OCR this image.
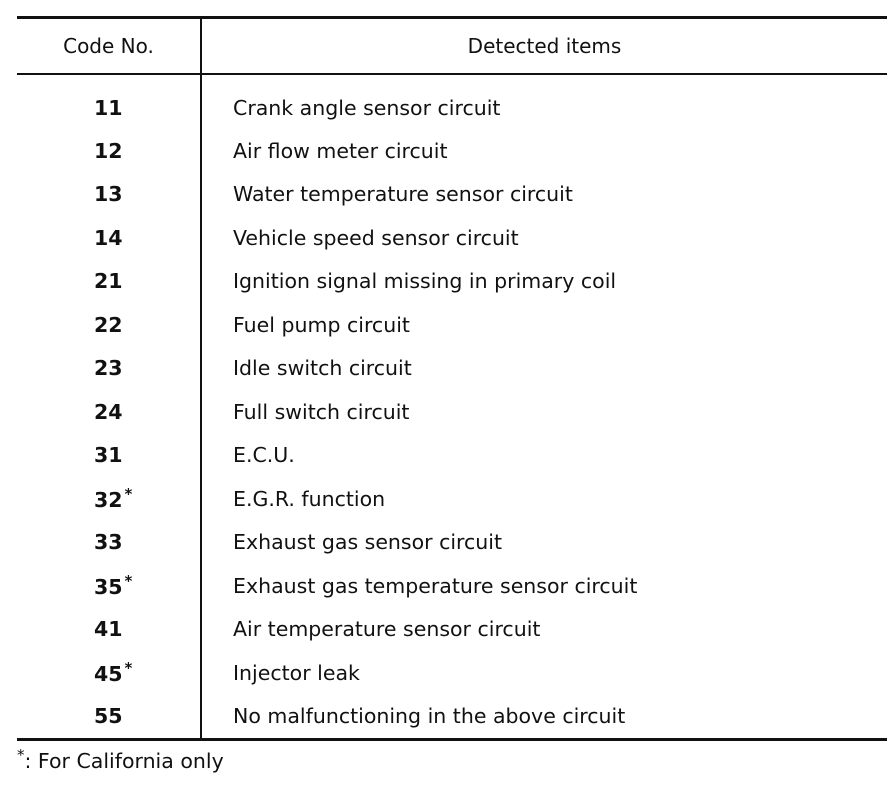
Code No.	Detected items
11	Crank angle sensor circuit
12	Air flow meter circuit
13	Water temperature sensor circuit
14	Vehicle speed sensor circuit
21	Ignition signal missing in primary coil
22	Fuel pump circuit
23	Idle switch circuit
24	Full switch circuit
31	E.C.U.
32 *	E.G.R. function
33	Exhaust gas sensor circuit
35 *	Exhaust gas temperature sensor circuit
41	Air temperature sensor circuit
45 *	Injector leak
55	No malfunctioning in the above circuit
*: For California only
